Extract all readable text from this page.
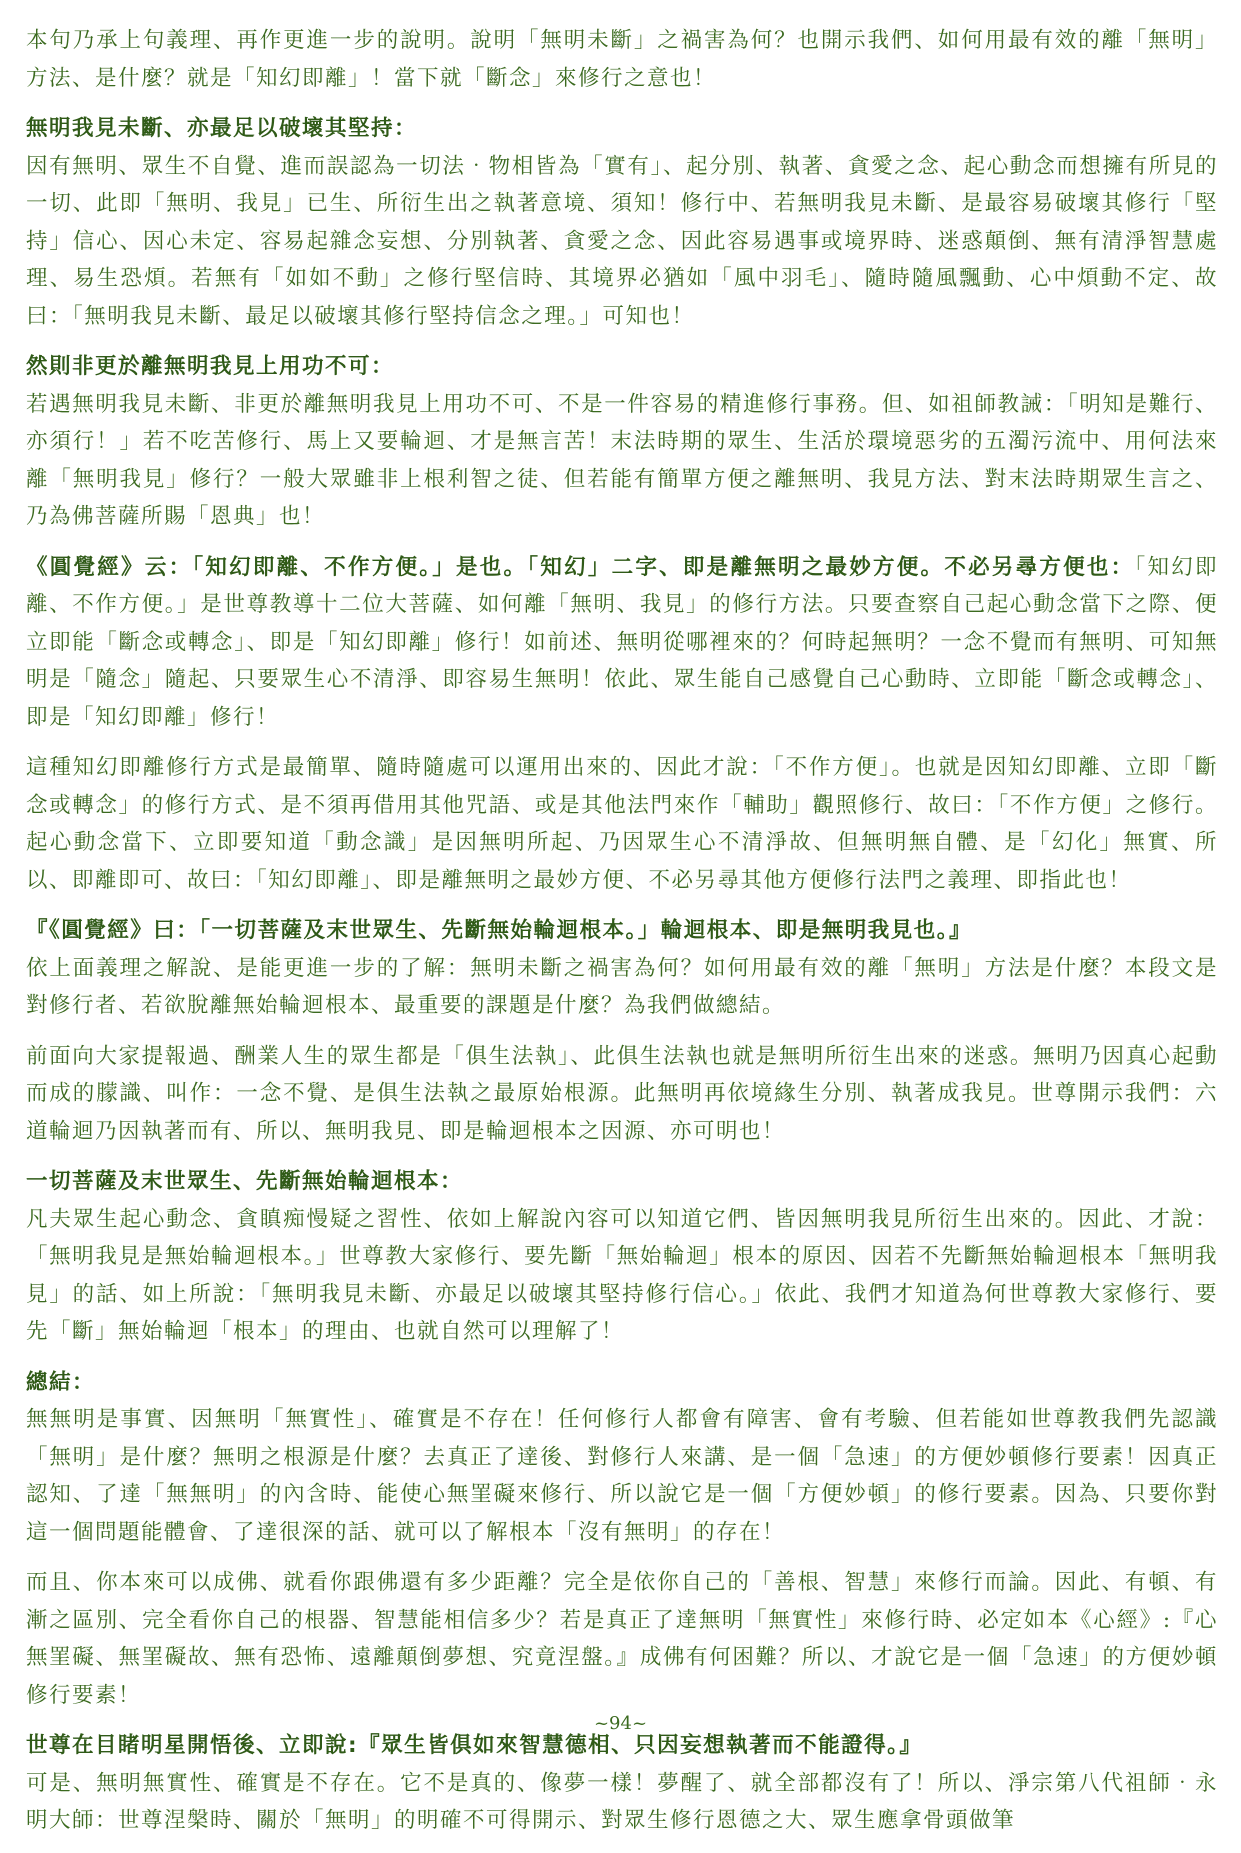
本句乃承上句義理、再作更進一步的說明。說明「無明未斷」之禍害為何？也開示我們、如何用最有效的離「無明」方法、是什麼？就是「知幻即離」！當下就「斷念」來修行之意也！

無明我見未斷、亦最足以破壞其堅持：

因有無明、眾生不自覺、進而誤認為一切法‧物相皆為「實有」、起分別、執著、貪愛之念、起心動念而想擁有所見的一切、此即「無明、我見」已生、所衍生出之執著意境、須知！修行中、若無明我見未斷、是最容易破壞其修行「堅持」信心、因心未定、容易起雜念妄想、分別執著、貪愛之念、因此容易遇事或境界時、迷惑顛倒、無有清淨智慧處理、易生恐煩。若無有「如如不動」之修行堅信時、其境界必猶如「風中羽毛」、隨時隨風飄動、心中煩動不定、故曰：「無明我見未斷、最足以破壞其修行堅持信念之理。」可知也！

然則非更於離無明我見上用功不可：

若遇無明我見未斷、非更於離無明我見上用功不可、不是一件容易的精進修行事務。但、如祖師教誡：「明知是難行、亦須行！」若不吃苦修行、馬上又要輪迴、才是無言苦！末法時期的眾生、生活於環境惡劣的五濁污流中、用何法來離「無明我見」修行？一般大眾雖非上根利智之徒、但若能有簡單方便之離無明、我見方法、對末法時期眾生言之、乃為佛菩薩所賜「恩典」也！

《圓覺經》云：「知幻即離、不作方便。」是也。「知幻」二字、即是離無明之最妙方便。不必另尋方便也：「知幻即離、不作方便。」是世尊教導十二位大菩薩、如何離「無明、我見」的修行方法。只要查察自己起心動念當下之際、便立即能「斷念或轉念」、即是「知幻即離」修行！如前述、無明從哪裡來的？何時起無明？一念不覺而有無明、可知無明是「隨念」隨起、只要眾生心不清淨、即容易生無明！依此、眾生能自己感覺自己心動時、立即能「斷念或轉念」、即是「知幻即離」修行！

這種知幻即離修行方式是最簡單、隨時隨處可以運用出來的、因此才說：「不作方便」。也就是因知幻即離、立即「斷念或轉念」的修行方式、是不須再借用其他咒語、或是其他法門來作「輔助」觀照修行、故曰：「不作方便」之修行。起心動念當下、立即要知道「動念識」是因無明所起、乃因眾生心不清淨故、但無明無自體、是「幻化」無實、所以、即離即可、故曰：「知幻即離」、即是離無明之最妙方便、不必另尋其他方便修行法門之義理、即指此也！

『《圓覺經》曰：「一切菩薩及末世眾生、先斷無始輪迴根本。」輪迴根本、即是無明我見也。』

依上面義理之解說、是能更進一步的了解：無明未斷之禍害為何？如何用最有效的離「無明」方法是什麼？本段文是對修行者、若欲脫離無始輪迴根本、最重要的課題是什麼？為我們做總結。

前面向大家提報過、酬業人生的眾生都是「俱生法執」、此俱生法執也就是無明所衍生出來的迷惑。無明乃因真心起動而成的朦識、叫作：一念不覺、是俱生法執之最原始根源。此無明再依境緣生分別、執著成我見。世尊開示我們：六道輪迴乃因執著而有、所以、無明我見、即是輪迴根本之因源、亦可明也！

一切菩薩及末世眾生、先斷無始輪迴根本：

凡夫眾生起心動念、貪瞋痴慢疑之習性、依如上解說內容可以知道它們、皆因無明我見所衍生出來的。因此、才說：「無明我見是無始輪迴根本。」世尊教大家修行、要先斷「無始輪迴」根本的原因、因若不先斷無始輪迴根本「無明我見」的話、如上所說：「無明我見未斷、亦最足以破壞其堅持修行信心。」依此、我們才知道為何世尊教大家修行、要先「斷」無始輪迴「根本」的理由、也就自然可以理解了！

總結：

無無明是事實、因無明「無實性」、確實是不存在！任何修行人都會有障害、會有考驗、但若能如世尊教我們先認識「無明」是什麼？無明之根源是什麼？去真正了達後、對修行人來講、是一個「急速」的方便妙頓修行要素！因真正認知、了達「無無明」的內含時、能使心無罣礙來修行、所以說它是一個「方便妙頓」的修行要素。因為、只要你對這一個問題能體會、了達很深的話、就可以了解根本「沒有無明」的存在！

而且、你本來可以成佛、就看你跟佛還有多少距離？完全是依你自己的「善根、智慧」來修行而論。因此、有頓、有漸之區別、完全看你自己的根器、智慧能相信多少？若是真正了達無明「無實性」來修行時、必定如本《心經》:『心無罣礙、無罣礙故、無有恐怖、遠離顛倒夢想、究竟涅盤。』成佛有何困難？所以、才說它是一個「急速」的方便妙頓修行要素！

世尊在目睹明星開悟後、立即說:『眾生皆俱如來智慧德相、只因妄想執著而不能證得。』

可是、無明無實性、確實是不存在。它不是真的、像夢一樣！夢醒了、就全部都沒有了！所以、淨宗第八代祖師‧永明大師：世尊涅槃時、關於「無明」的明確不可得開示、對眾生修行恩德之大、眾生應拿骨頭做筆

~94~
